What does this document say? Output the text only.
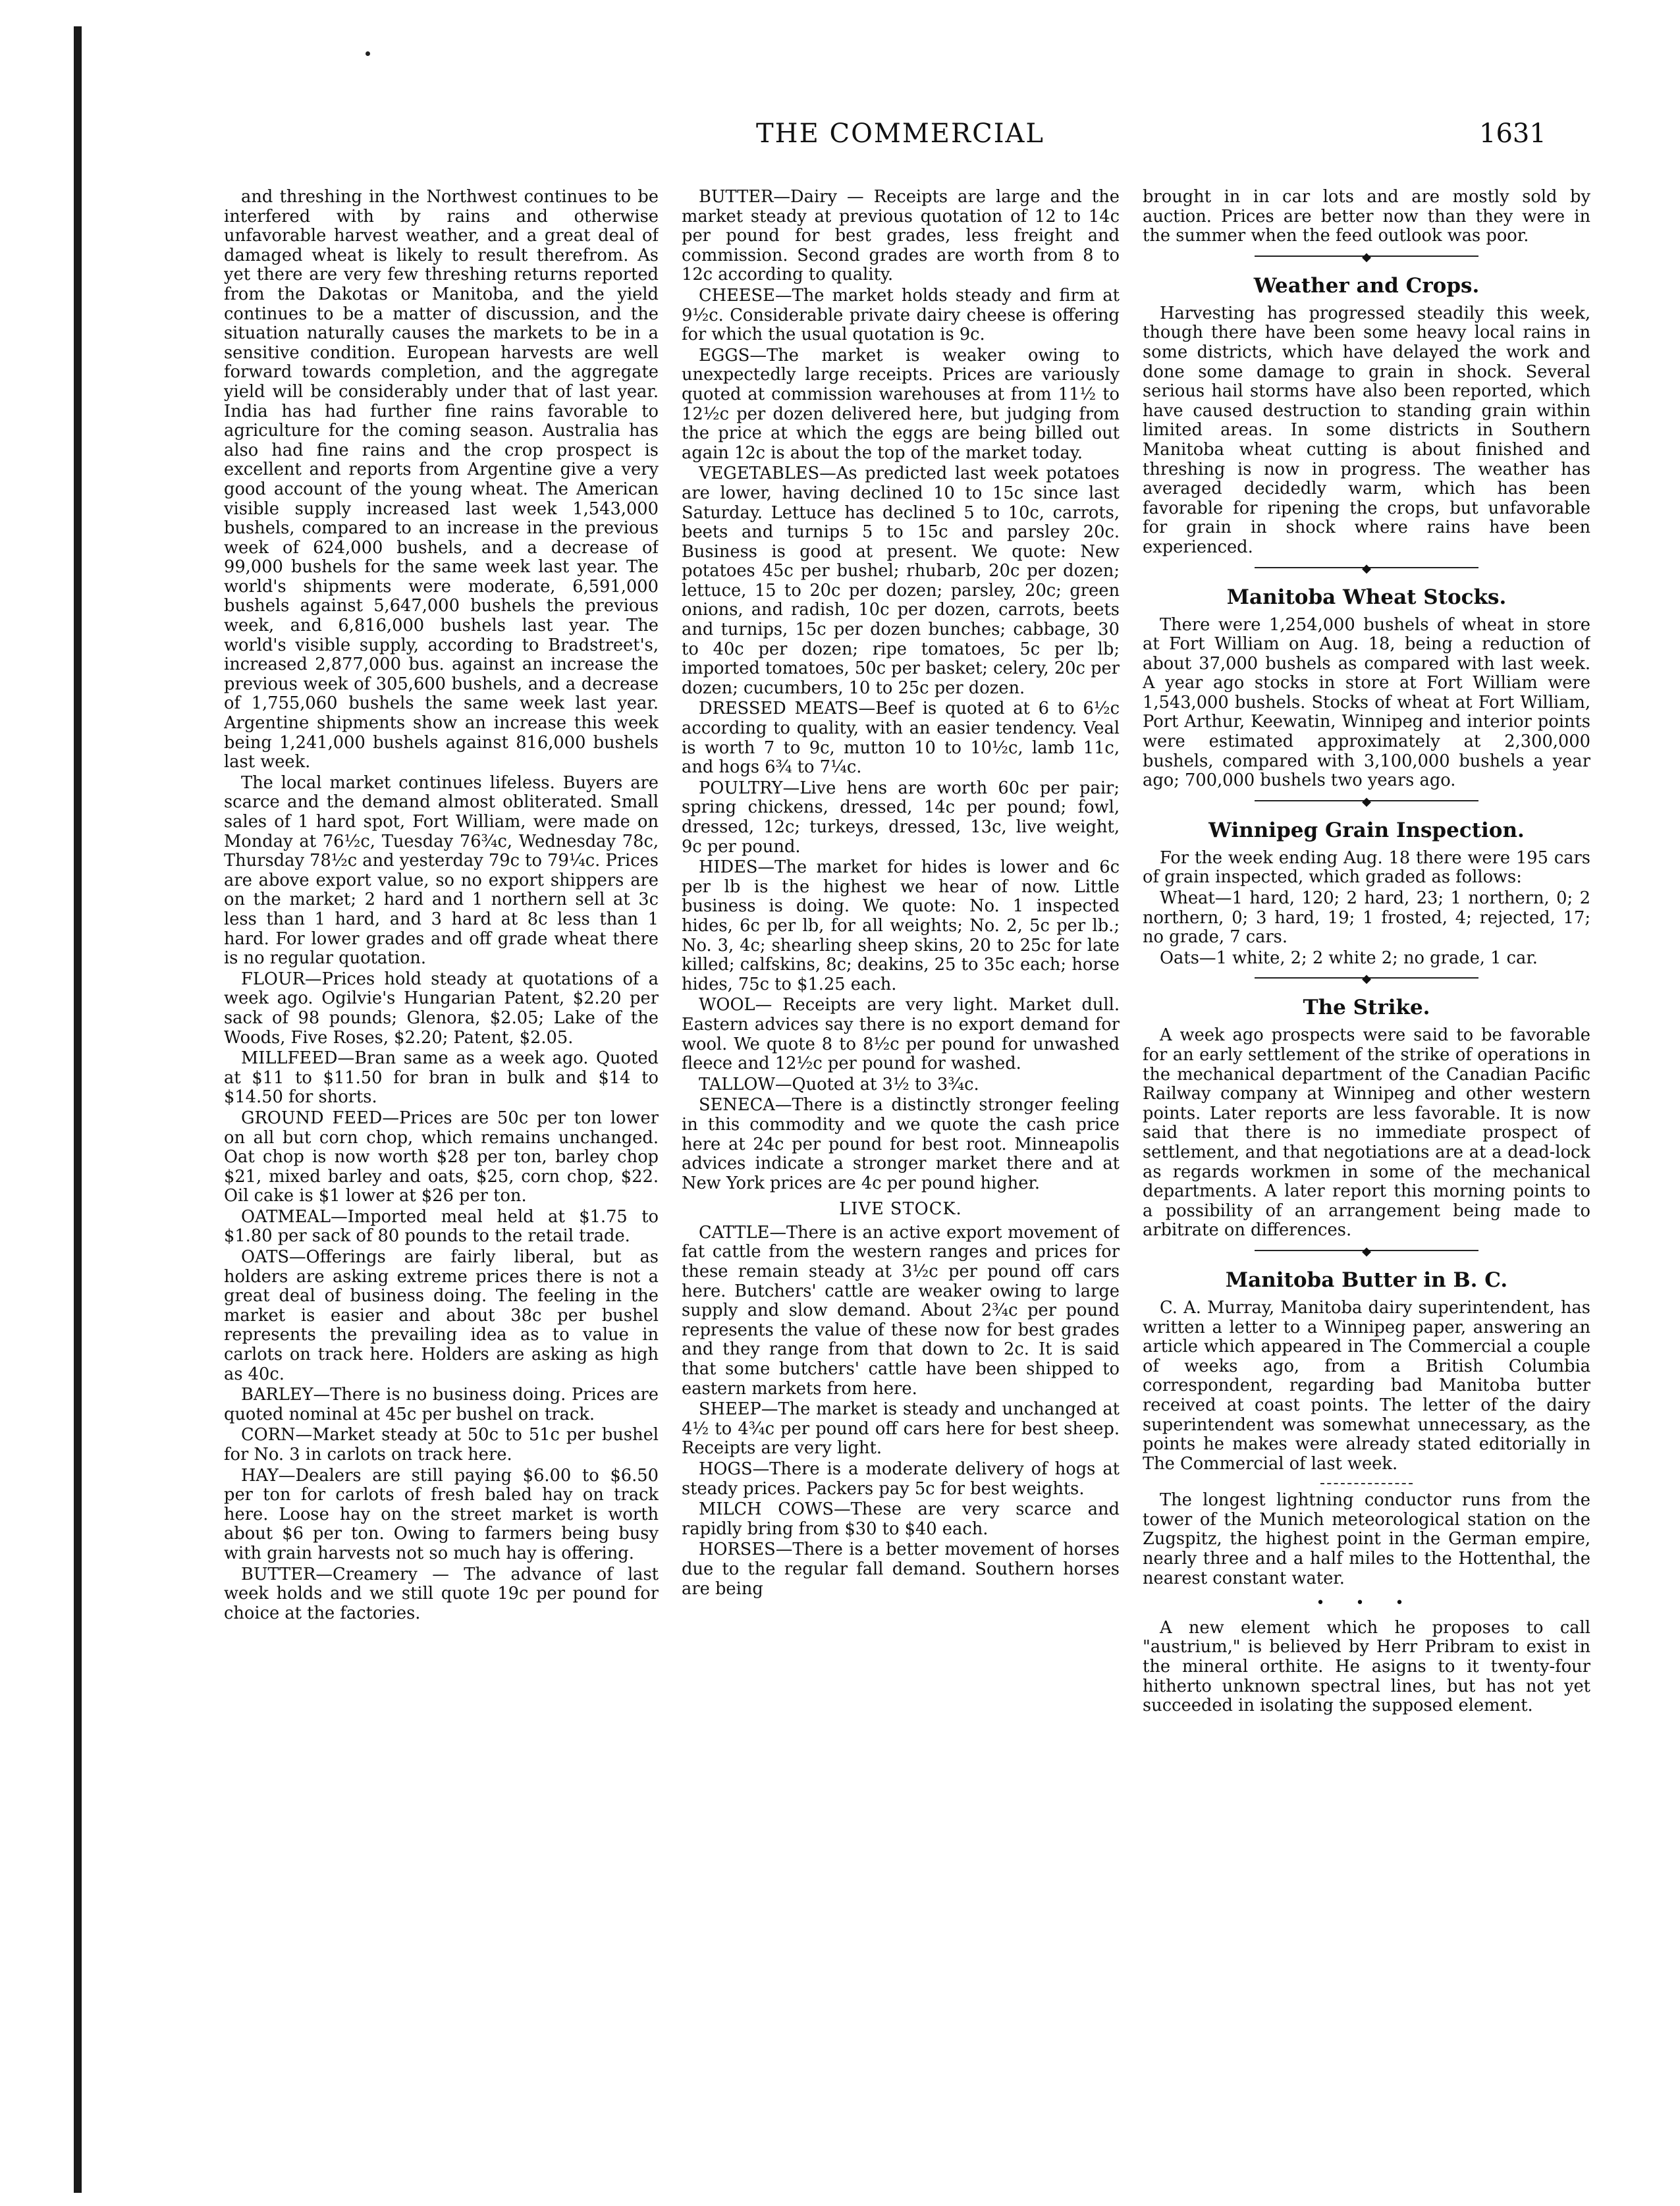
THE COMMERCIAL	1631

and threshing in the Northwest continues to be interfered with by rains and otherwise unfavorable harvest weather, and a great deal of damaged wheat is likely to result therefrom. As yet there are very few threshing returns reported from the Dakotas or Manitoba, and the yield continues to be a matter of discussion, and the situation naturally causes the markets to be in a sensitive condition. European harvests are well forward towards completion, and the aggregate yield will be considerably under that of last year. India has had further fine rains favorable to agriculture for the coming season. Australia has also had fine rains and the crop prospect is excellent and reports from Argentine give a very good account of the young wheat. The American visible supply increased last week 1,543,000 bushels, compared to an increase in the previous week of 624,000 bushels, and a decrease of 99,000 bushels for the same week last year. The world's shipments were moderate, 6,591,000 bushels against 5,647,000 bushels the previous week, and 6,816,000 bushels last year. The world's visible supply, according to Bradstreet's, increased 2,877,000 bus. against an increase the previous week of 305,600 bushels, and a decrease of 1,755,060 bushels the same week last year. Argentine shipments show an increase this week being 1,241,000 bushels against 816,000 bushels last week.

The local market continues lifeless. Buyers are scarce and the demand almost obliterated. Small sales of 1 hard spot, Fort William, were made on Monday at 76½c, Tuesday 76¾c, Wednesday 78c, Thursday 78½c and yesterday 79c to 79¼c. Prices are above export value, so no export shippers are on the market; 2 hard and 1 northern sell at 3c less than 1 hard, and 3 hard at 8c less than 1 hard. For lower grades and off grade wheat there is no regular quotation.

FLOUR—Prices hold steady at quotations of a week ago. Ogilvie's Hungarian Patent, $2.20 per sack of 98 pounds; Glenora, $2.05; Lake of the Woods, Five Roses, $2.20; Patent, $2.05.

MILLFEED—Bran same as a week ago. Quoted at $11 to $11.50 for bran in bulk and $14 to $14.50 for shorts.

GROUND FEED—Prices are 50c per ton lower on all but corn chop, which remains unchanged. Oat chop is now worth $28 per ton, barley chop $21, mixed barley and oats, $25, corn chop, $22. Oil cake is $1 lower at $26 per ton.

OATMEAL—Imported meal held at $1.75 to $1.80 per sack of 80 pounds to the retail trade.

OATS—Offerings are fairly liberal, but as holders are asking extreme prices there is not a great deal of business doing. The feeling in the market is easier and about 38c per bushel represents the prevailing idea as to value in carlots on track here. Holders are asking as high as 40c.

BARLEY—There is no business doing. Prices are quoted nominal at 45c per bushel on track.

CORN—Market steady at 50c to 51c per bushel for No. 3 in carlots on track here.

HAY—Dealers are still paying $6.00 to $6.50 per ton for carlots of fresh baled hay on track here. Loose hay on the street market is worth about $6 per ton. Owing to farmers being busy with grain harvests not so much hay is offering.

BUTTER—Creamery — The advance of last week holds and we still quote 19c per pound for choice at the factories.

BUTTER—Dairy — Receipts are large and the market steady at previous quotation of 12 to 14c per pound for best grades, less freight and commission. Second grades are worth from 8 to 12c according to quality.

CHEESE—The market holds steady and firm at 9½c. Considerable private dairy cheese is offering for which the usual quotation is 9c.

EGGS—The market is weaker owing to unexpectedly large receipts. Prices are variously quoted at commission warehouses at from 11½ to 12½c per dozen delivered here, but judging from the price at which the eggs are being billed out again 12c is about the top of the market today.

VEGETABLES—As predicted last week potatoes are lower, having declined 10 to 15c since last Saturday. Lettuce has declined 5 to 10c, carrots, beets and turnips 5 to 15c and parsley 20c. Business is good at present. We quote: New potatoes 45c per bushel; rhubarb, 20c per dozen; lettuce, 15 to 20c per dozen; parsley, 20c; green onions, and radish, 10c per dozen, carrots, beets and turnips, 15c per dozen bunches; cabbage, 30 to 40c per dozen; ripe tomatoes, 5c per lb; imported tomatoes, 50c per basket; celery, 20c per dozen; cucumbers, 10 to 25c per dozen.

DRESSED MEATS—Beef is quoted at 6 to 6½c according to quality, with an easier tendency. Veal is worth 7 to 9c, mutton 10 to 10½c, lamb 11c, and hogs 6¾ to 7¼c.

POULTRY—Live hens are worth 60c per pair; spring chickens, dressed, 14c per pound; fowl, dressed, 12c; turkeys, dressed, 13c, live weight, 9c per pound.

HIDES—The market for hides is lower and 6c per lb is the highest we hear of now. Little business is doing. We quote: No. 1 inspected hides, 6c per lb, for all weights; No. 2, 5c per lb.; No. 3, 4c; shearling sheep skins, 20 to 25c for late killed; calfskins, 8c; deakins, 25 to 35c each; horse hides, 75c to $1.25 each.

WOOL— Receipts are very light. Market dull. Eastern advices say there is no export demand for wool. We quote 8 to 8½c per pound for unwashed fleece and 12½c per pound for washed.

TALLOW—Quoted at 3½ to 3¾c.

SENECA—There is a distinctly stronger feeling in this commodity and we quote the cash price here at 24c per pound for best root. Minneapolis advices indicate a stronger market there and at New York prices are 4c per pound higher.

LIVE STOCK.

CATTLE—There is an active export movement of fat cattle from the western ranges and prices for these remain steady at 3½c per pound off cars here. Butchers' cattle are weaker owing to large supply and slow demand. About 2¾c per pound represents the value of these now for best grades and they range from that down to 2c. It is said that some butchers' cattle have been shipped to eastern markets from here.

SHEEP—The market is steady and unchanged at 4½ to 4¾c per pound off cars here for best sheep. Receipts are very light.

HOGS—There is a moderate delivery of hogs at steady prices. Packers pay 5c for best weights.

MILCH COWS—These are very scarce and rapidly bring from $30 to $40 each.

HORSES—There is a better movement of horses due to the regular fall demand. Southern horses are being

brought in in car lots and are mostly sold by auction. Prices are better now than they were in the summer when the feed outlook was poor.

◆
Weather and Crops.

Harvesting has progressed steadily this week, though there have been some heavy local rains in some districts, which have delayed the work and done some damage to grain in shock. Several serious hail storms have also been reported, which have caused destruction to standing grain within limited areas. In some districts in Southern Manitoba wheat cutting is about finished and threshing is now in progress. The weather has averaged decidedly warm, which has been favorable for ripening the crops, but unfavorable for grain in shock where rains have been experienced.

◆
Manitoba Wheat Stocks.

There were 1,254,000 bushels of wheat in store at Fort William on Aug. 18, being a reduction of about 37,000 bushels as compared with last week. A year ago stocks in store at Fort William were 1,543,000 bushels. Stocks of wheat at Fort William, Port Arthur, Keewatin, Winnipeg and interior points were estimated approximately at 2,300,000 bushels, compared with 3,100,000 bushels a year ago; 700,000 bushels two years ago.

◆
Winnipeg Grain Inspection.

For the week ending Aug. 18 there were 195 cars of grain inspected, which graded as follows:

Wheat—1 hard, 120; 2 hard, 23; 1 northern, 0; 2 northern, 0; 3 hard, 19; 1 frosted, 4; rejected, 17; no grade, 7 cars.

Oats—1 white, 2; 2 white 2; no grade, 1 car.

◆
The Strike.

A week ago prospects were said to be favorable for an early settlement of the strike of operations in the mechanical department of the Canadian Pacific Railway company at Winnipeg and other western points. Later reports are less favorable. It is now said that there is no immediate prospect of settlement, and that negotiations are at a dead-lock as regards workmen in some of the mechanical departments. A later report this morning points to a possibility of an arrangement being made to arbitrate on differences.

◆
Manitoba Butter in B. C.

C. A. Murray, Manitoba dairy superintendent, has written a letter to a Winnipeg paper, answering an article which appeared in The Commercial a couple of weeks ago, from a British Columbia correspondent, regarding bad Manitoba butter received at coast points. The letter of the dairy superintendent was somewhat unnecessary, as the points he makes were already stated editorially in The Commercial of last week.

The longest lightning conductor runs from the tower of the Munich meteorological station on the Zugspitz, the highest point in the German empire, nearly three and a half miles to the Hottenthal, the nearest constant water.

• • •

A new element which he proposes to call "austrium," is believed by Herr Pribram to exist in the mineral orthite. He asigns to it twenty-four hitherto unknown spectral lines, but has not yet succeeded in isolating the supposed element.
